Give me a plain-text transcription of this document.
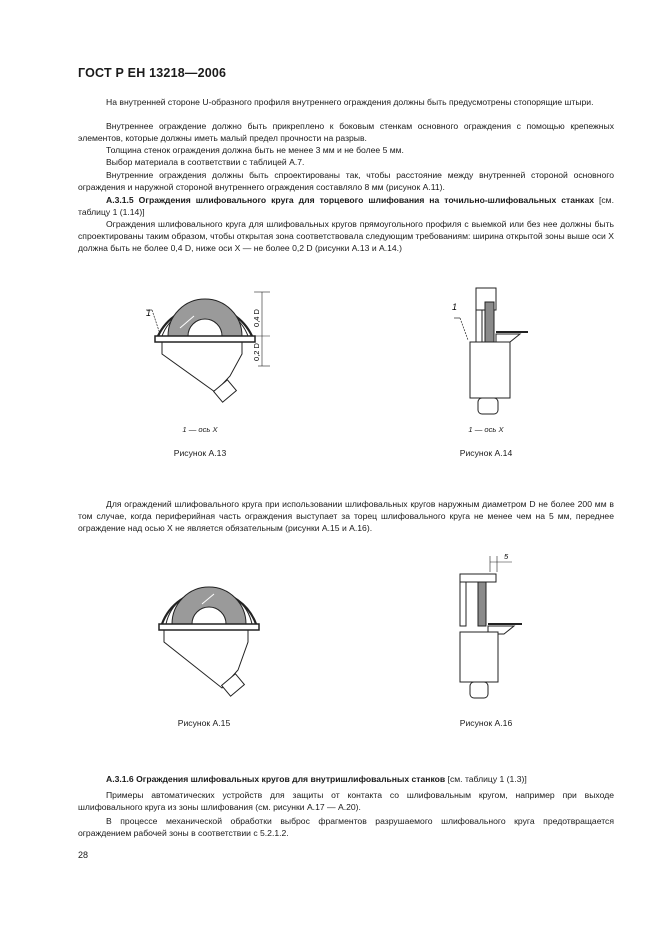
ГОСТ Р ЕН 13218—2006

На внутренней стороне U-образного профиля внутреннего ограждения должны быть предусмотрены стопорящие штыри.

Внутреннее ограждение должно быть прикреплено к боковым стенкам основного ограждения с помощью крепежных элементов, которые должны иметь малый предел прочности на разрыв.

Толщина стенок ограждения должна быть не менее 3 мм и не более 5 мм.

Выбор материала в соответствии с таблицей А.7.

Внутренние ограждения должны быть спроектированы так, чтобы расстояние между внутренней стороной основного ограждения и наружной стороной внутреннего ограждения составляло 8 мм (рисунок А.11).

А.3.1.5 Ограждения шлифовального круга для торцевого шлифования на точильно-шлифовальных станках [см. таблицу 1 (1.14)]

Ограждения шлифовального круга для шлифовальных кругов прямоугольного профиля с выемкой или без нее должны быть спроектированы таким образом, чтобы открытая зона соответствовала следующим требованиям: ширина открытой зоны выше оси X должна быть не более 0,4 D, ниже оси X — не более 0,2 D (рисунки А.13 и А.14.)

1	0,4 D
0,2 D
1 — ось X
Рисунок А.13
1
1 — ось X
Рисунок А.14

Для ограждений шлифовального круга при использовании шлифовальных кругов наружным диаметром D не более 200 мм в том случае, когда периферийная часть ограждения выступает за торец шлифовального круга не менее чем на 5 мм, переднее ограждение над осью X не является обязательным (рисунки А.15 и А.16).

Рисунок А.15
5
Рисунок А.16

А.3.1.6 Ограждения шлифовальных кругов для внутришлифовальных станков [см. таблицу 1 (1.3)]

Примеры автоматических устройств для защиты от контакта со шлифовальным кругом, например при выходе шлифовального круга из зоны шлифования (см. рисунки А.17 — А.20).

В процессе механической обработки выброс фрагментов разрушаемого шлифовального круга предотвращается ограждением рабочей зоны в соответствии с 5.2.1.2.

28
